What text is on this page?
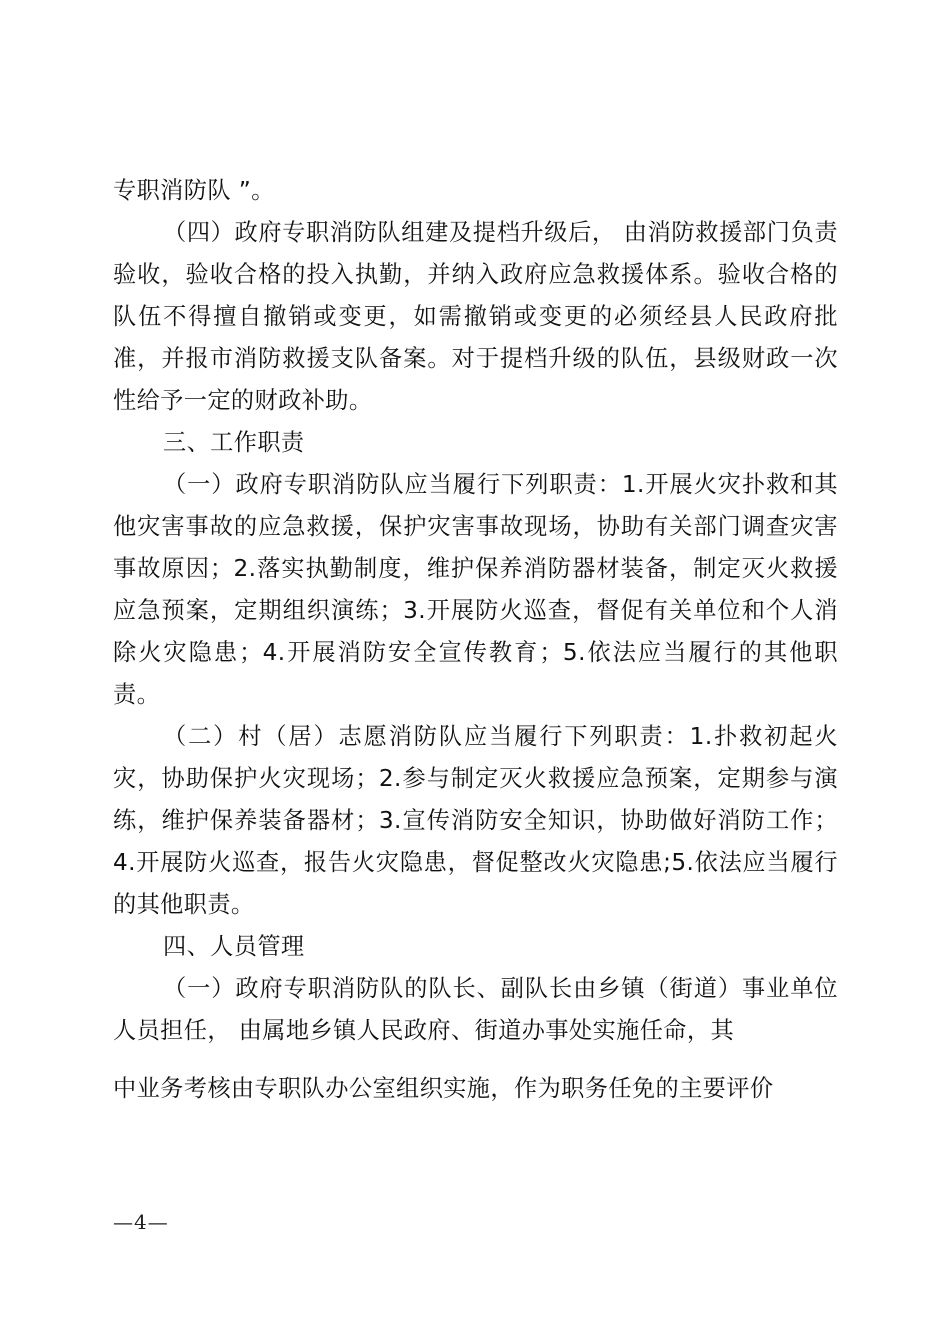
专职消防队 ”。

（四）政府专职消防队组建及提档升级后， 由消防救援部门负责验收，验收合格的投入执勤，并纳入政府应急救援体系。验收合格的队伍不得擅自撤销或变更，如需撤销或变更的必须经县人民政府批准，并报市消防救援支队备案。对于提档升级的队伍，县级财政一次性给予一定的财政补助。

三、工作职责

（一）政府专职消防队应当履行下列职责：1.开展火灾扑救和其他灾害事故的应急救援，保护灾害事故现场，协助有关部门调查灾害事故原因；2.落实执勤制度，维护保养消防器材装备，制定灭火救援应急预案，定期组织演练；3.开展防火巡查，督促有关单位和个人消除火灾隐患；4.开展消防安全宣传教育；5.依法应当履行的其他职责。

（二）村（居）志愿消防队应当履行下列职责：1.扑救初起火灾，协助保护火灾现场；2.参与制定灭火救援应急预案，定期参与演练，维护保养装备器材；3.宣传消防安全知识，协助做好消防工作；4.开展防火巡查，报告火灾隐患，督促整改火灾隐患;5.依法应当履行的其他职责。

四、人员管理

（一）政府专职消防队的队长、副队长由乡镇（街道）事业单位人员担任， 由属地乡镇人民政府、街道办事处实施任命，其

中业务考核由专职队办公室组织实施，作为职务任免的主要评价

—4—
